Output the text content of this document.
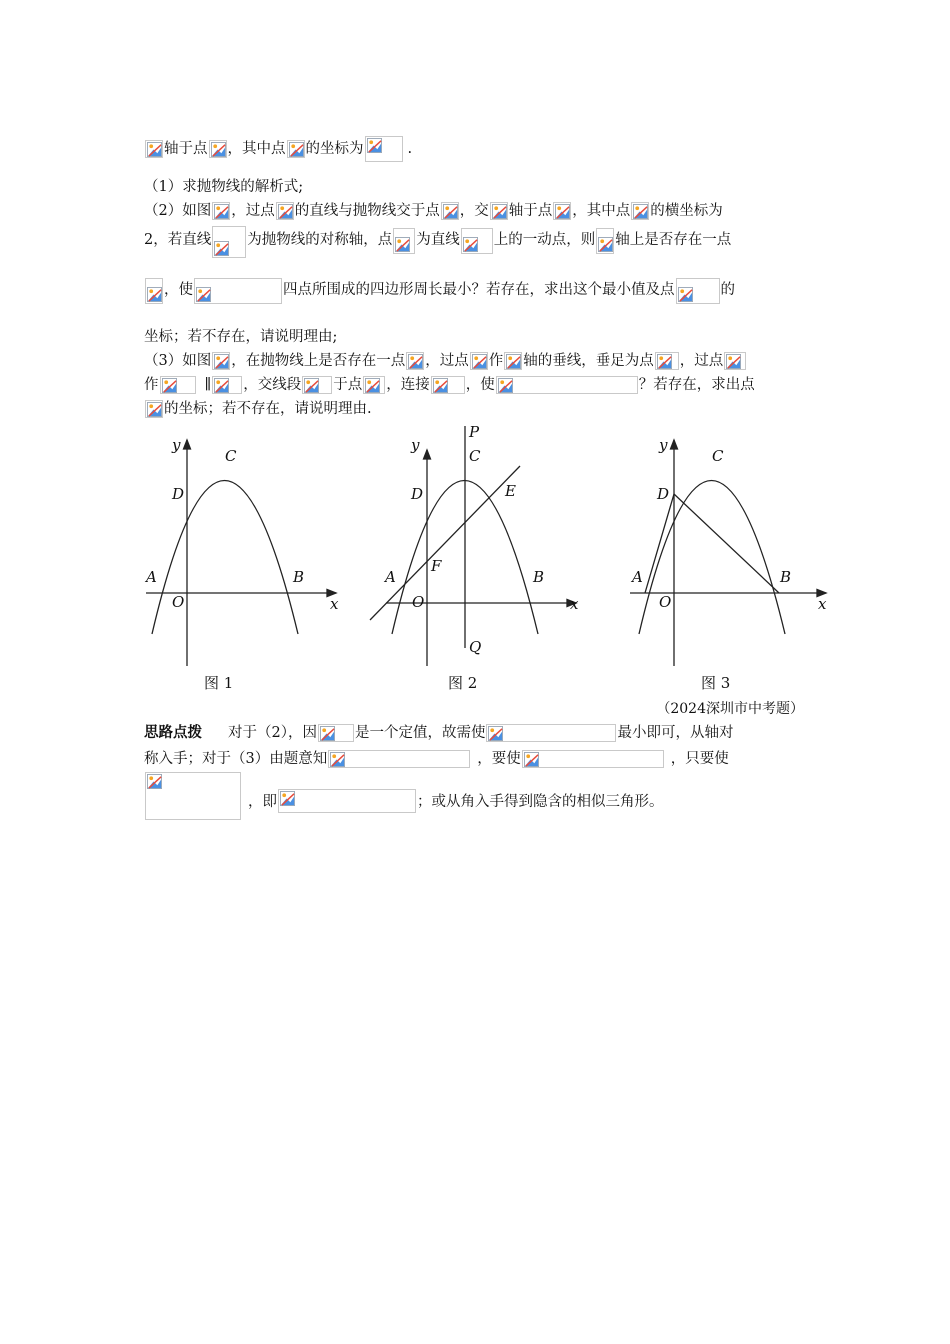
轴于点 ，其中点 的坐标为	.
（1）求抛物线的解析式;
（2）如图 ，过点 的直线与抛物线交于点 ，交 轴于点 ，其中点 的横坐标为
2，若直线 为抛物线的对称轴，点 为直线 上的一动点，则 轴上是否存在一点
，使	四点所围成的四边形周长最小？若存在，求出这个最小值及点	的
坐标；若不存在，请说明理由;
（3）如图 ，在抛物线上是否存在一点 ，过点 作 轴的垂线，垂足为点 ，过点
作	∥ ，交线段 于点 ，连接 ，使	？若存在，求出点
的坐标；若不存在，请说明理由.
y
x
O
A	B
C
D
y
x
O
A	B
C
D	E
F
P
Q
y
x
O
A	B
C
D
图 1	图 2	图 3
（2024深圳市中考题）
思路点拨 对于（2），因	是一个定值，故需使	最小即可，从轴对
称入手；对于（3）由题意知	，要使	，只要使
，即	；或从角入手得到隐含的相似三角形。
